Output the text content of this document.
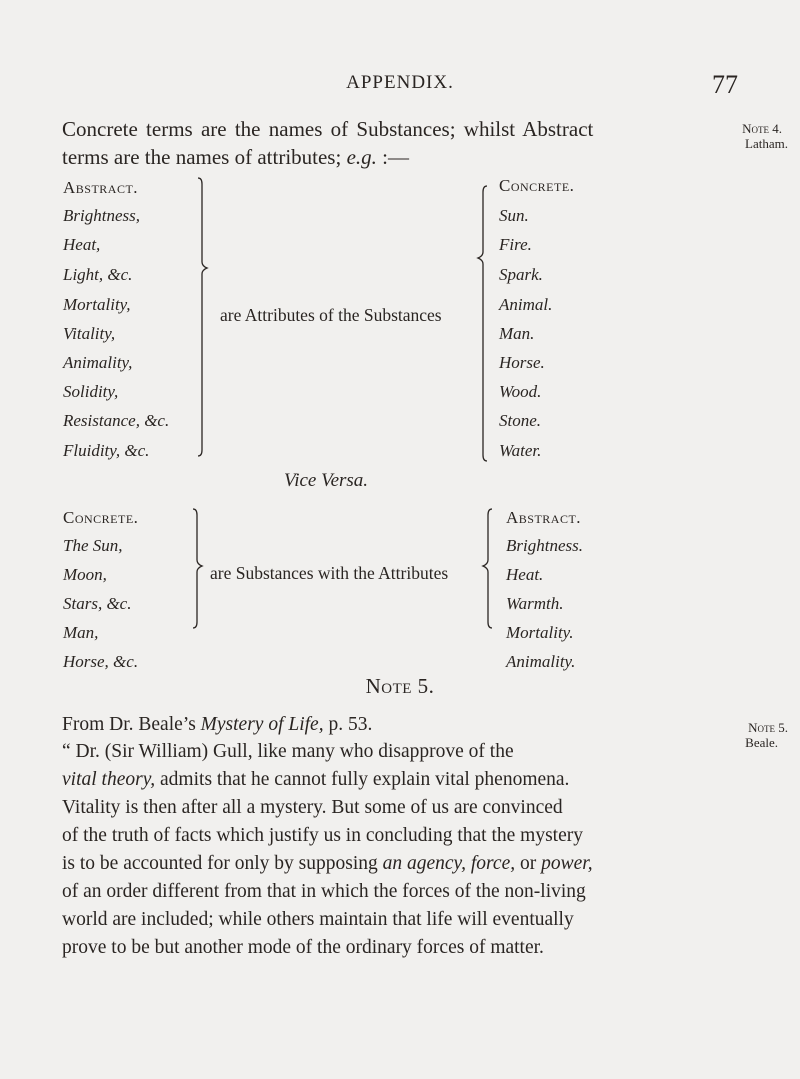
APPENDIX.	77
Concrete terms are the names of Substances; whilst Abstract
terms are the names of attributes; e.g. :—
Note 4.
Latham.
Note 5.
Beale.
Abstract.
Brightness,
Heat,
Light, &c.
Mortality,
Vitality,
Animality,
Solidity,
Resistance, &c.
Fluidity, &c.
are Attributes of the Substances
Concrete.
Sun.
Fire.
Spark.
Animal.
Man.
Horse.
Wood.
Stone.
Water.
Vice Versa.
Concrete.
The Sun,
Moon,
Stars, &c.
Man,
Horse, &c.
are Substances with the Attributes
Abstract.
Brightness.
Heat.
Warmth.
Mortality.
Animality.
Note 5.
From Dr. Beale’s Mystery of Life, p. 53.
“ Dr. (Sir William) Gull, like many who disapprove of the
vital theory, admits that he cannot fully explain vital phenomena.
Vitality is then after all a mystery. But some of us are convinced
of the truth of facts which justify us in concluding that the mystery
is to be accounted for only by supposing an agency, force, or power,
of an order different from that in which the forces of the non-living
world are included; while others maintain that life will eventually
prove to be but another mode of the ordinary forces of matter.
